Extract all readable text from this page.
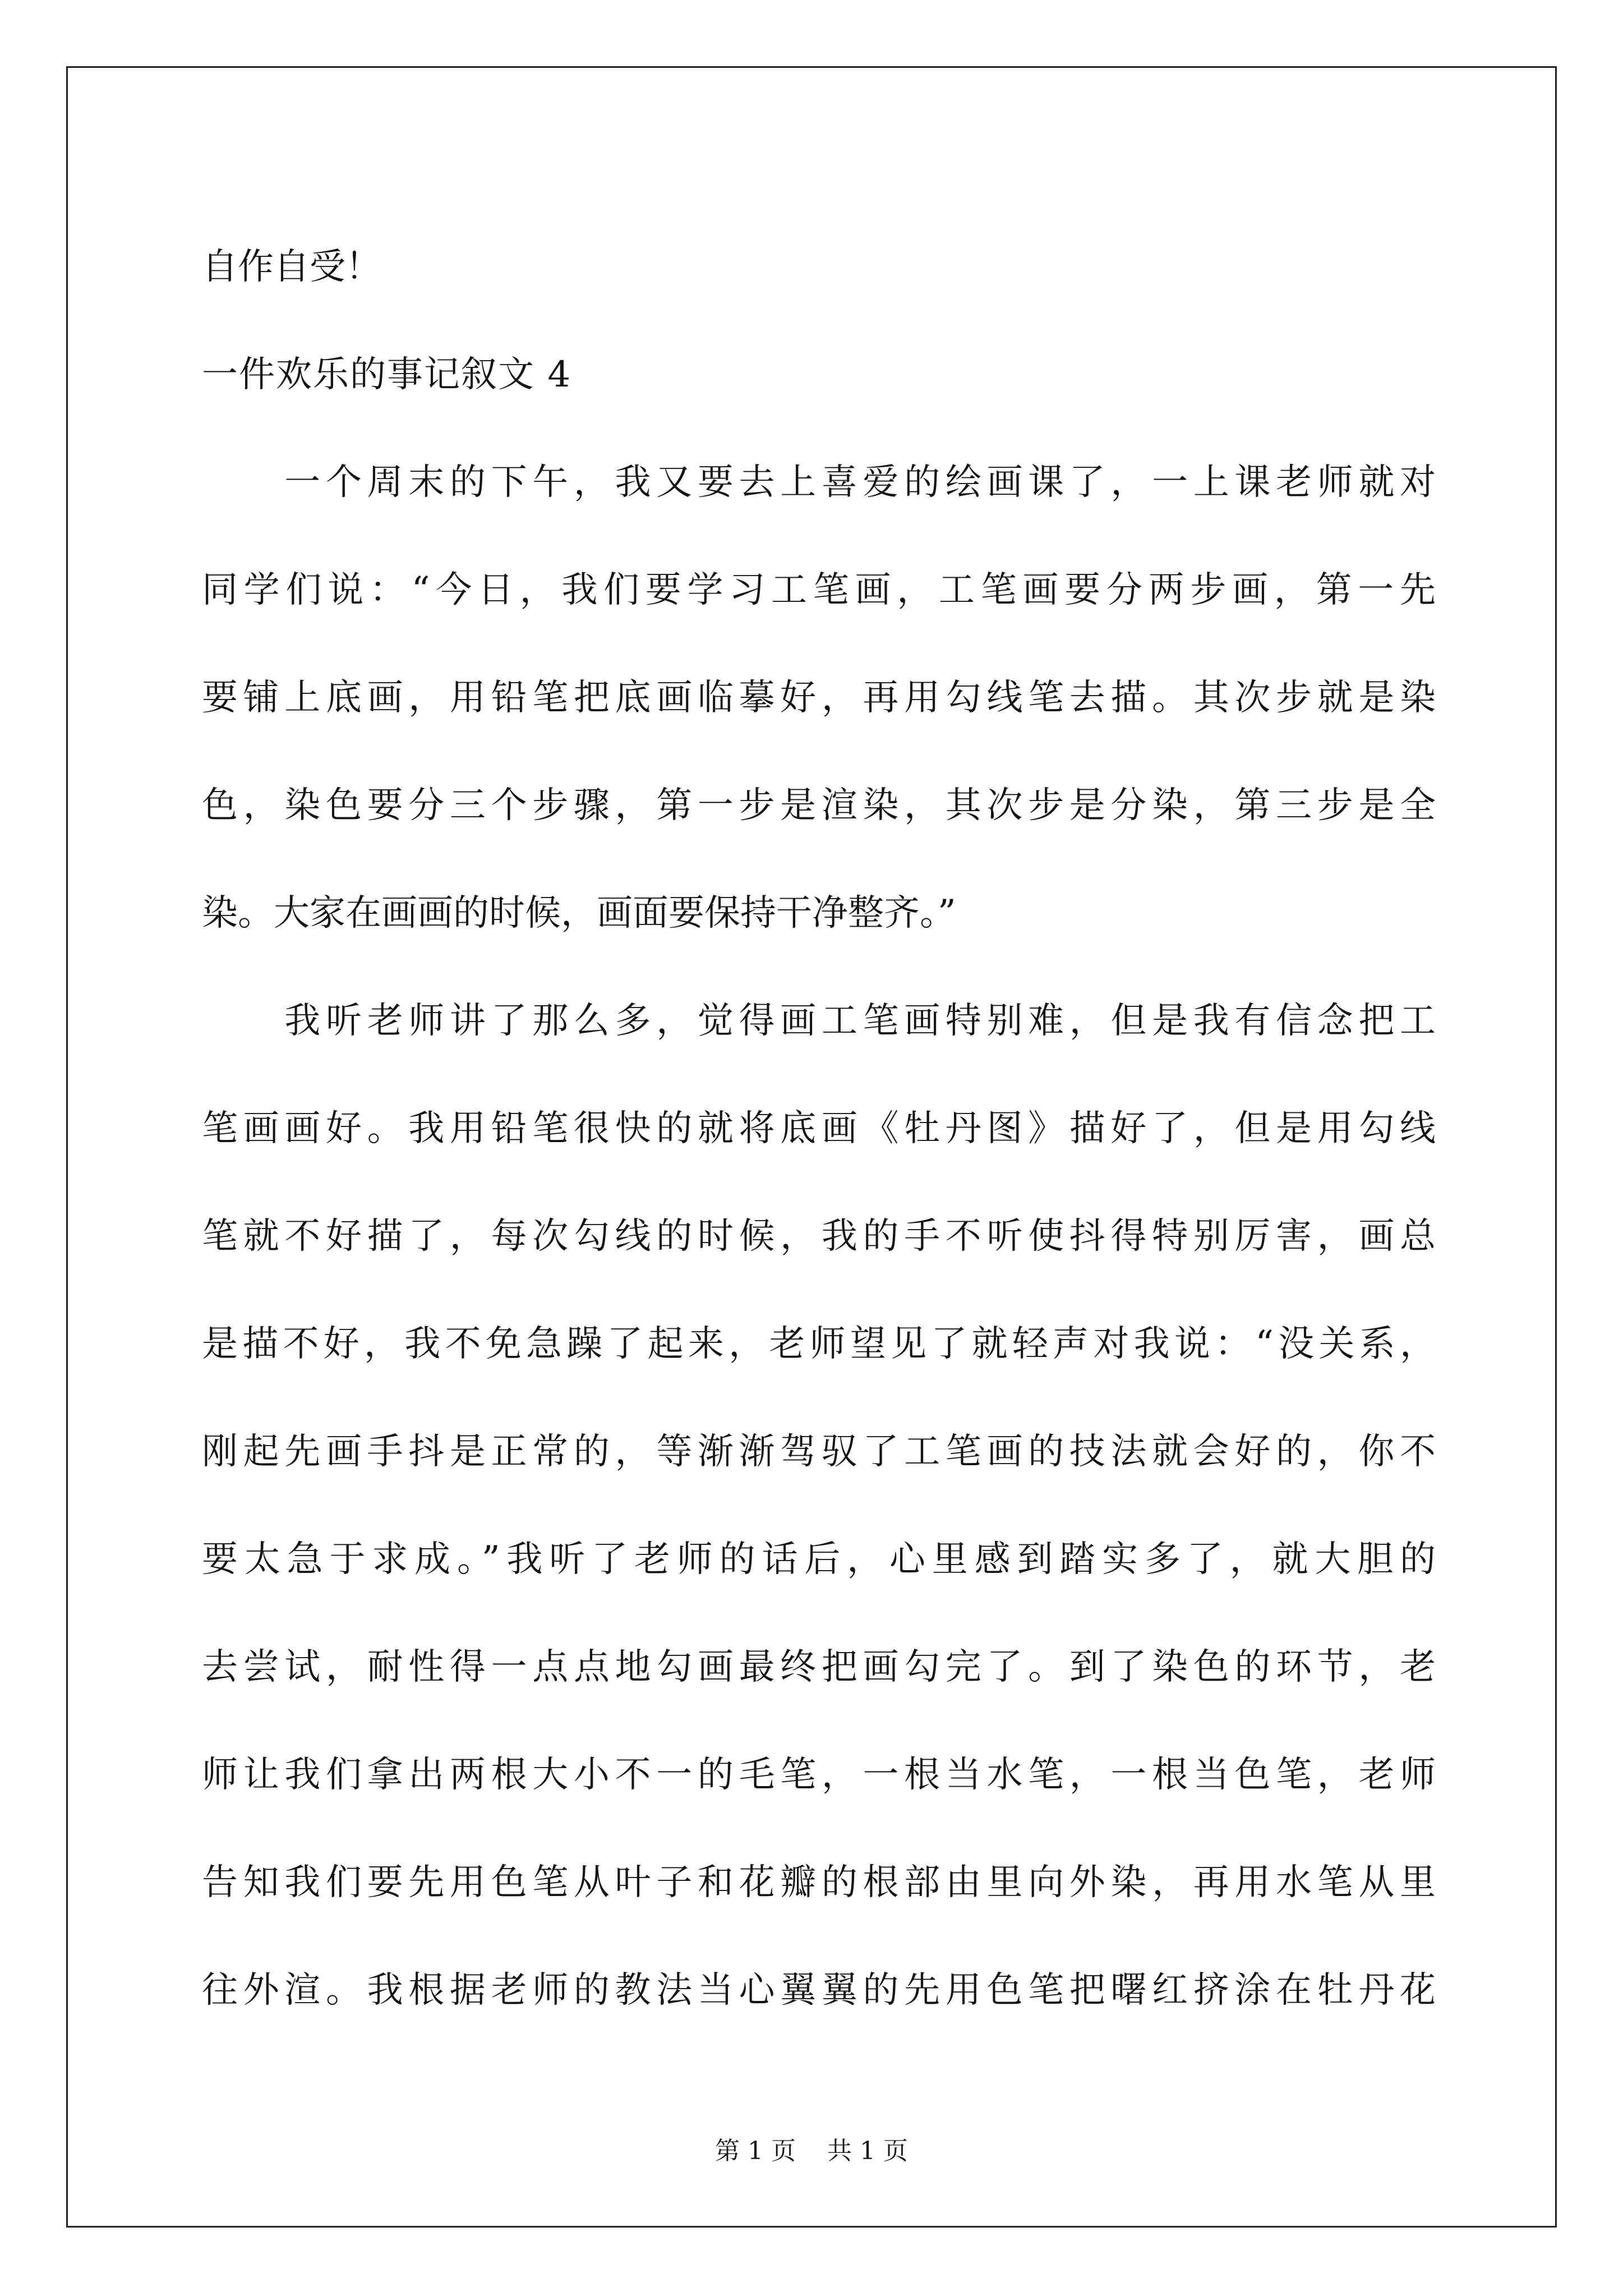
自作自受！

一件欢乐的事记叙文 4

　　一个周末的下午，我又要去上喜爱的绘画课了，一上课老师就对

同学们说：“今日，我们要学习工笔画，工笔画要分两步画，第一先

要铺上底画，用铅笔把底画临摹好，再用勾线笔去描。其次步就是染

色，染色要分三个步骤，第一步是渲染，其次步是分染，第三步是全

染。大家在画画的时候，画面要保持干净整齐。”

　　我听老师讲了那么多，觉得画工笔画特别难，但是我有信念把工

笔画画好。我用铅笔很快的就将底画《牡丹图》描好了，但是用勾线

笔就不好描了，每次勾线的时候，我的手不听使抖得特别厉害，画总

是描不好，我不免急躁了起来，老师望见了就轻声对我说：“没关系，

刚起先画手抖是正常的，等渐渐驾驭了工笔画的技法就会好的，你不

要太急于求成。”我听了老师的话后，心里感到踏实多了，就大胆的

去尝试，耐性得一点点地勾画最终把画勾完了。到了染色的环节，老

师让我们拿出两根大小不一的毛笔，一根当水笔，一根当色笔，老师

告知我们要先用色笔从叶子和花瓣的根部由里向外染，再用水笔从里

往外渲。我根据老师的教法当心翼翼的先用色笔把曙红挤涂在牡丹花

第 1 页 共 1 页
